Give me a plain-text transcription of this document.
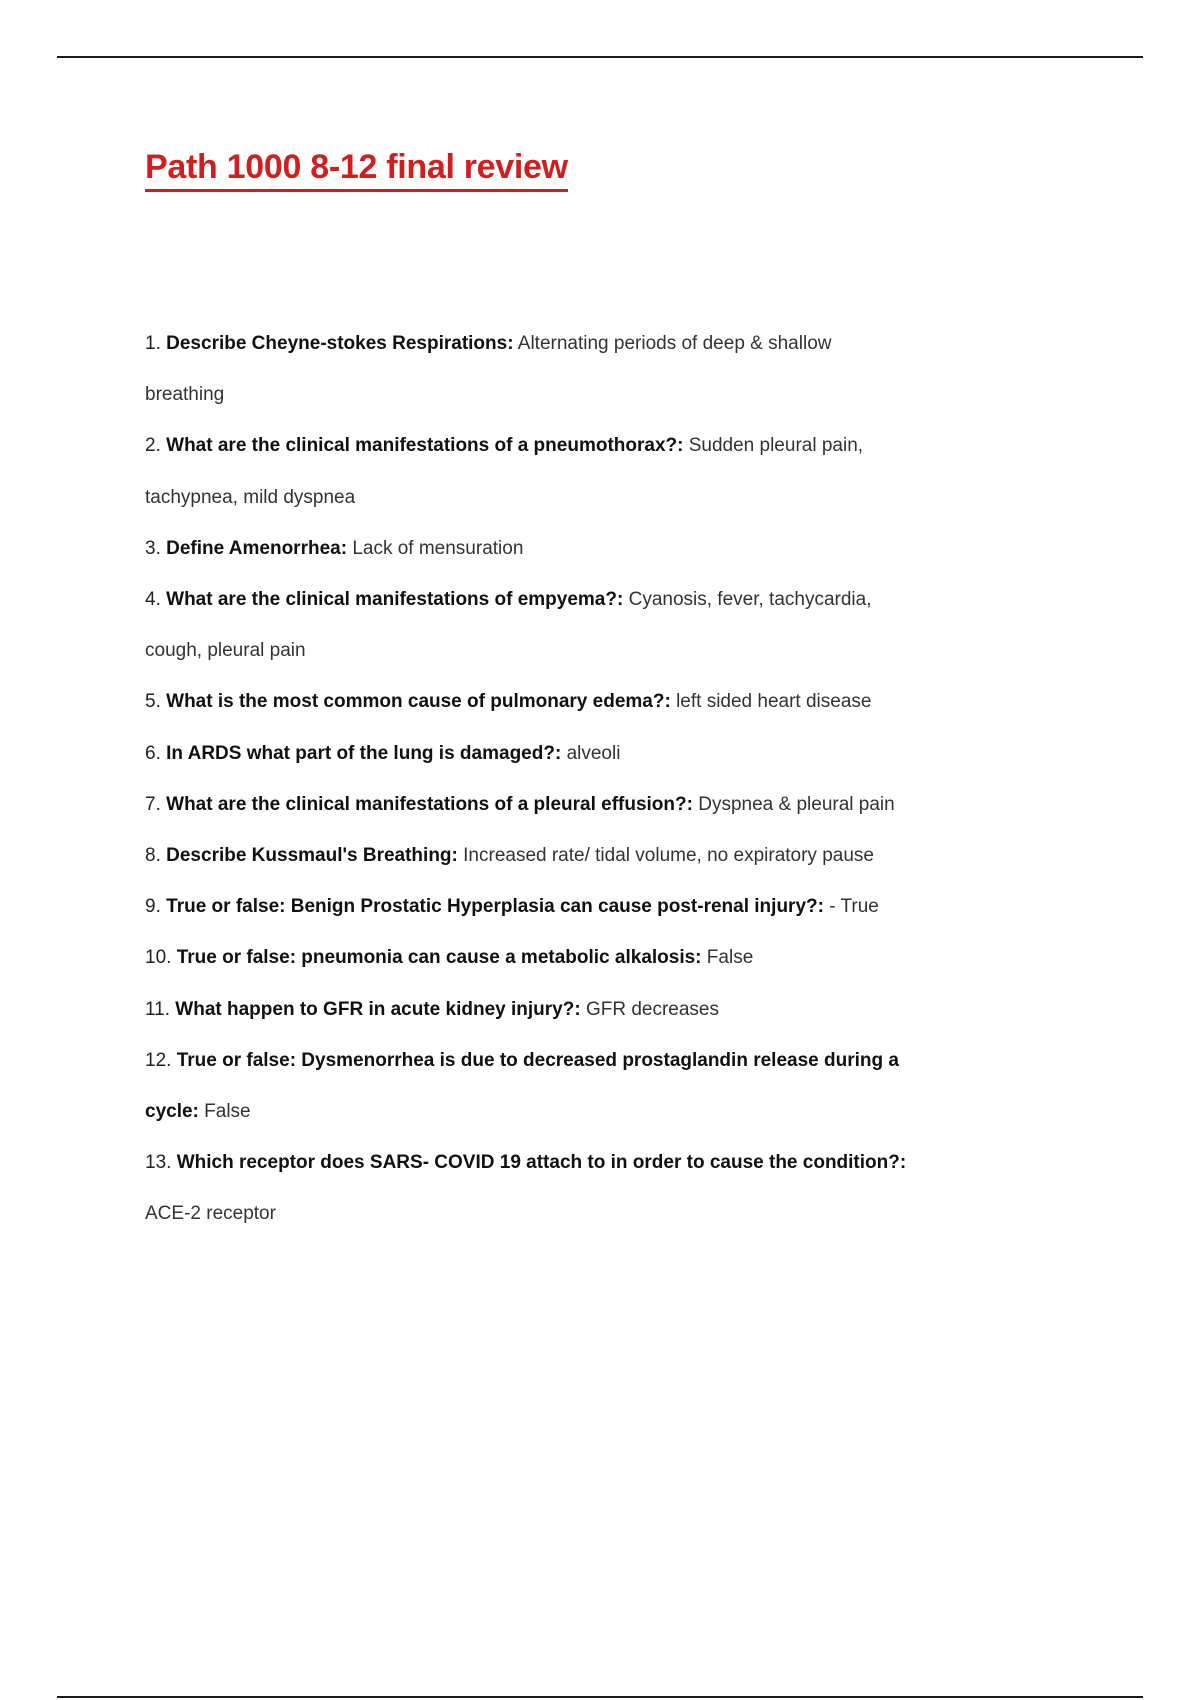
Path 1000 8-12 final review
1. Describe Cheyne-stokes Respirations: Alternating periods of deep & shallow breathing
2. What are the clinical manifestations of a pneumothorax?: Sudden pleural pain, tachypnea, mild dyspnea
3. Define Amenorrhea: Lack of mensuration
4. What are the clinical manifestations of empyema?: Cyanosis, fever, tachycardia, cough, pleural pain
5. What is the most common cause of pulmonary edema?: left sided heart disease
6. In ARDS what part of the lung is damaged?: alveoli
7. What are the clinical manifestations of a pleural effusion?: Dyspnea & pleural pain
8. Describe Kussmaul's Breathing: Increased rate/ tidal volume, no expiratory pause
9. True or false: Benign Prostatic Hyperplasia can cause post-renal injury?: - True
10. True or false: pneumonia can cause a metabolic alkalosis: False
11. What happen to GFR in acute kidney injury?: GFR decreases
12. True or false: Dysmenorrhea is due to decreased prostaglandin release during a cycle: False
13. Which receptor does SARS- COVID 19 attach to in order to cause the condition?: ACE-2 receptor
